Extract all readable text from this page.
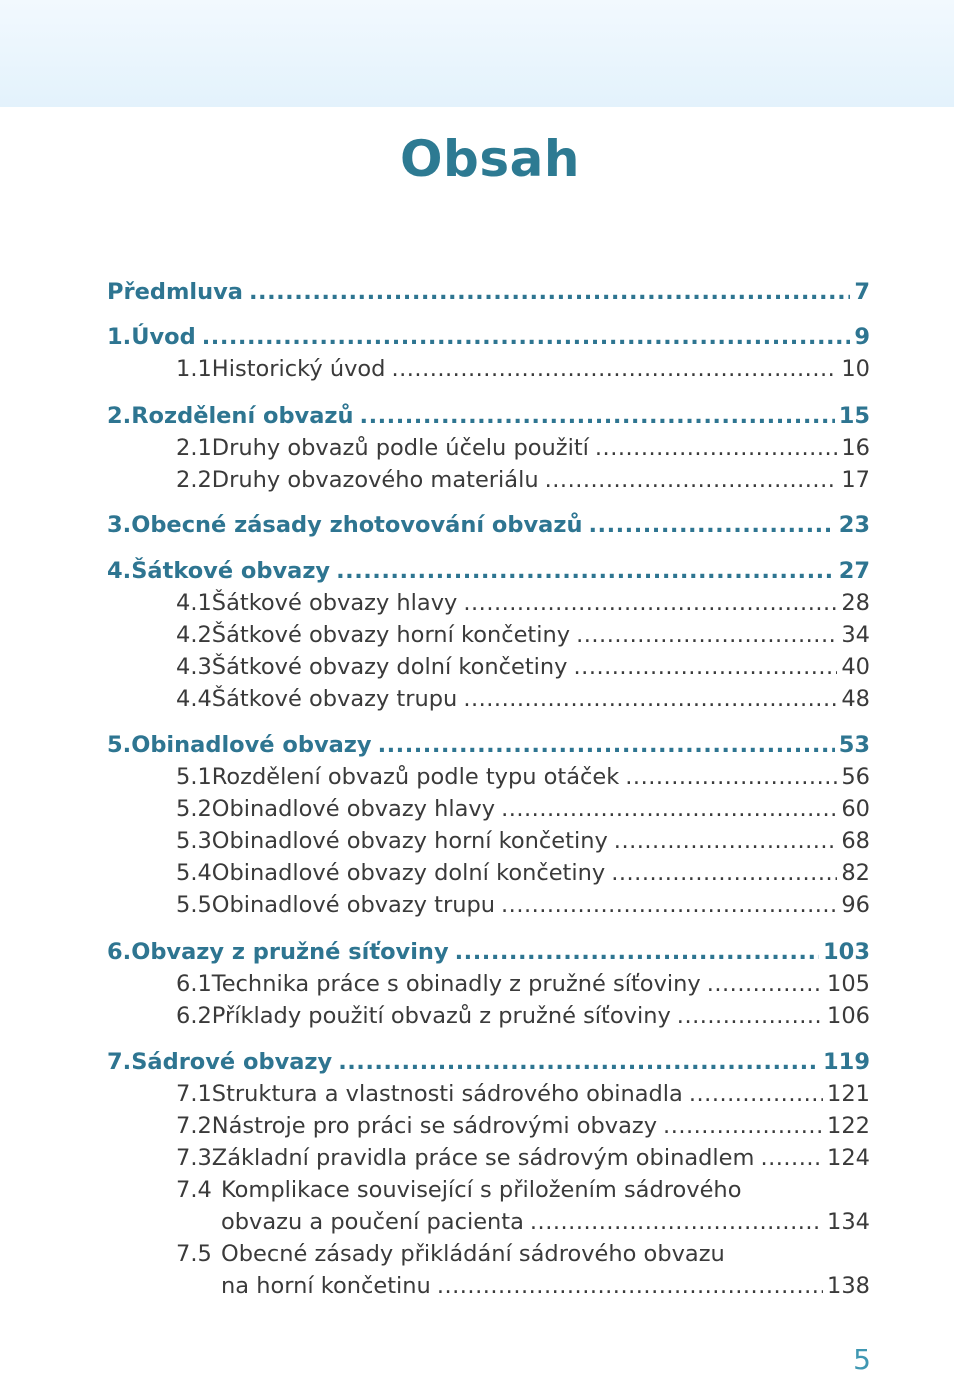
Obsah
Předmluva .....	7
1. Úvod .....	9
1.1 Historický úvod .....	10
2. Rozdělení obvazů .....	15
2.1 Druhy obvazů podle účelu použití .....	16
2.2 Druhy obvazového materiálu .....	17
3. Obecné zásady zhotovování obvazů .....	23
4. Šátkové obvazy .....	27
4.1 Šátkové obvazy hlavy .....	28
4.2 Šátkové obvazy horní končetiny .....	34
4.3 Šátkové obvazy dolní končetiny .....	40
4.4 Šátkové obvazy trupu .....	48
5. Obinadlové obvazy .....	53
5.1 Rozdělení obvazů podle typu otáček .....	56
5.2 Obinadlové obvazy hlavy .....	60
5.3 Obinadlové obvazy horní končetiny .....	68
5.4 Obinadlové obvazy dolní končetiny .....	82
5.5 Obinadlové obvazy trupu .....	96
6. Obvazy z pružné síťoviny .....	103
6.1 Technika práce s obinadly z pružné síťoviny .....	105
6.2 Příklady použití obvazů z pružné síťoviny .....	106
7. Sádrové obvazy .....	119
7.1 Struktura a vlastnosti sádrového obinadla .....	121
7.2 Nástroje pro práci se sádrovými obvazy .....	122
7.3 Základní pravidla práce se sádrovým obinadlem .....	124
7.4 Komplikace související s přiložením sádrového
obvazu a poučení pacienta .....	134
7.5 Obecné zásady přikládání sádrového obvazu
na horní končetinu .....	138
5
